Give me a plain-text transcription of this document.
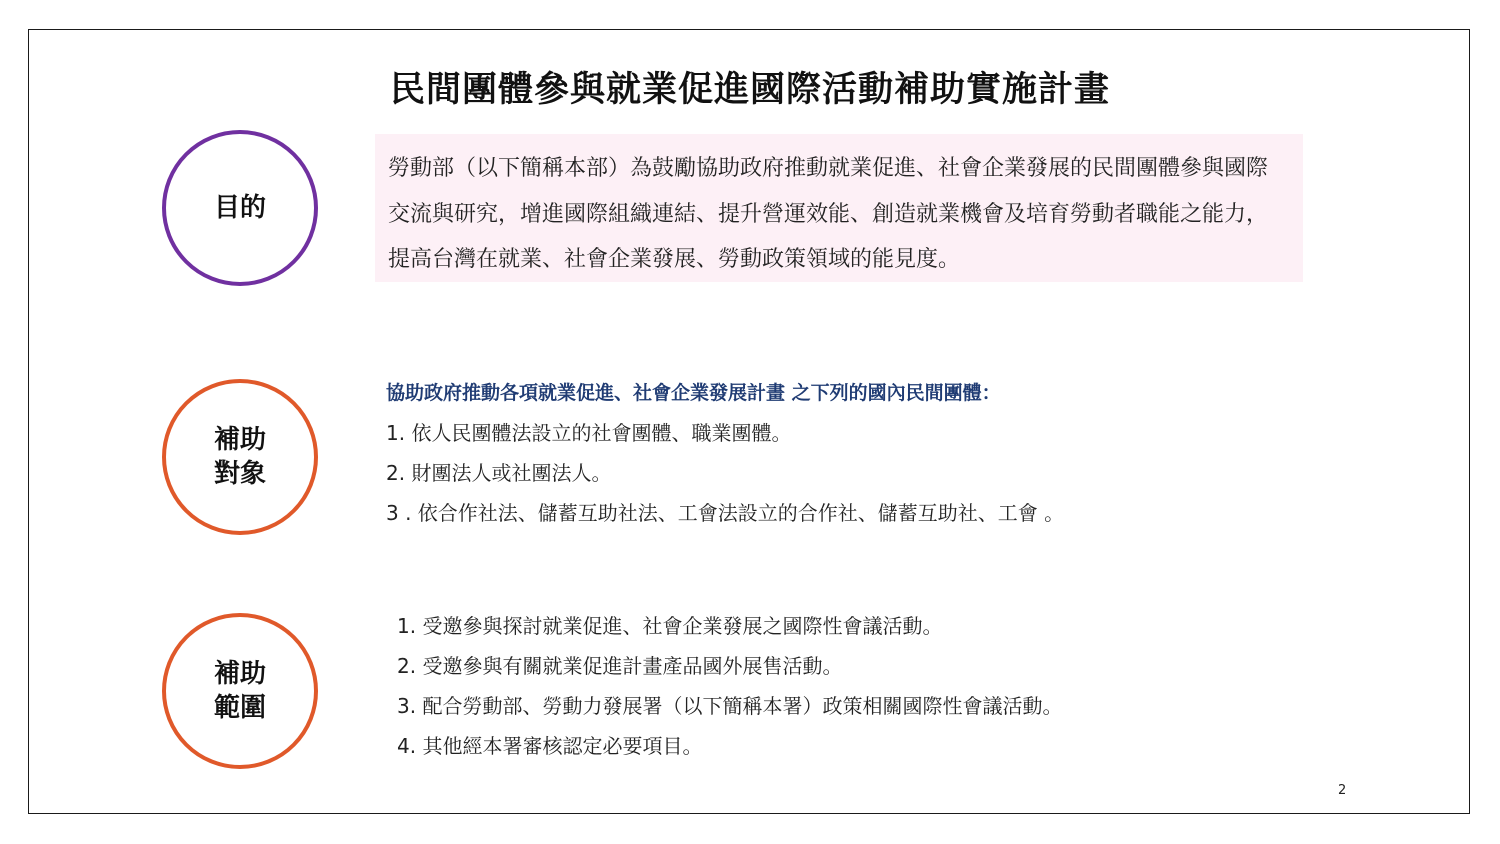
民間團體參與就業促進國際活動補助實施計畫
目的
勞動部（以下簡稱本部）為鼓勵協助政府推動就業促進、社會企業發展的民間團體參與國際交流與研究，增進國際組織連結、提升營運效能、創造就業機會及培育勞動者職能之能力，提高台灣在就業、社會企業發展、勞動政策領域的能見度。
補助
對象
協助政府推動各項就業促進、社會企業發展計畫 之下列的國內民間團體：
1. 依人民團體法設立的社會團體、職業團體。
2. 財團法人或社團法人。
3 . 依合作社法、儲蓄互助社法、工會法設立的合作社、儲蓄互助社、工會 。
補助
範圍
1. 受邀參與探討就業促進、社會企業發展之國際性會議活動。
2. 受邀參與有關就業促進計畫產品國外展售活動。
3. 配合勞動部、勞動力發展署（以下簡稱本署）政策相關國際性會議活動。
4. 其他經本署審核認定必要項目。
2
